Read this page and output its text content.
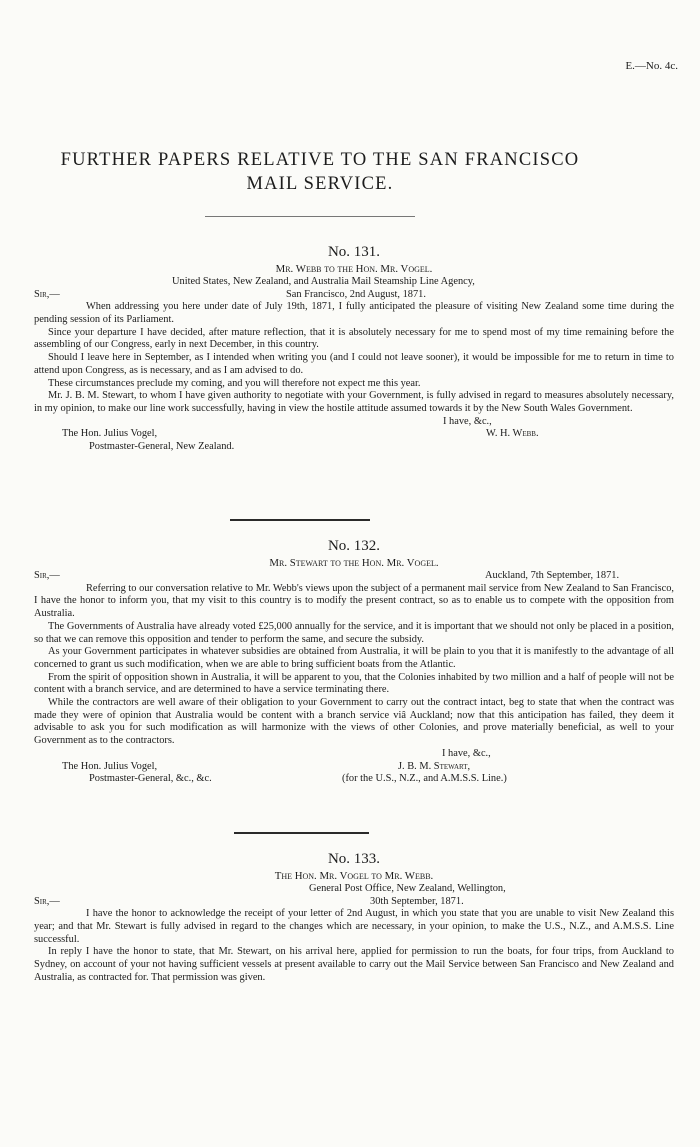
E.—No. 4c.
FURTHER PAPERS RELATIVE TO THE SAN FRANCISCO
MAIL SERVICE.
No. 131.
Mr. Webb to the Hon. Mr. Vogel.
United States, New Zealand, and Australia Mail Steamship Line Agency,
Sir,—	San Francisco, 2nd August, 1871.

When addressing you here under date of July 19th, 1871, I fully anticipated the pleasure of visiting New Zealand some time during the pending session of its Parliament.

Since your departure I have decided, after mature reflection, that it is absolutely necessary for me to spend most of my time remaining before the assembling of our Congress, early in next December, in this country.

Should I leave here in September, as I intended when writing you (and I could not leave sooner), it would be impossible for me to return in time to attend upon Congress, as is necessary, and as I am advised to do.

These circumstances preclude my coming, and you will therefore not expect me this year.

Mr. J. B. M. Stewart, to whom I have given authority to negotiate with your Government, is fully advised in regard to measures absolutely necessary, in my opinion, to make our line work successfully, having in view the hostile attitude assumed towards it by the New South Wales Government.

I have, &c.,
The Hon. Julius Vogel,	W. H. Webb.
Postmaster-General, New Zealand.
No. 132.
Mr. Stewart to the Hon. Mr. Vogel.
Sir,—	Auckland, 7th September, 1871.

Referring to our conversation relative to Mr. Webb's views upon the subject of a permanent mail service from New Zealand to San Francisco, I have the honor to inform you, that my visit to this country is to modify the present contract, so as to enable us to compete with the opposition from Australia.

The Governments of Australia have already voted £25,000 annually for the service, and it is important that we should not only be placed in a position, so that we can remove this opposition and tender to perform the same, and secure the subsidy.

As your Government participates in whatever subsidies are obtained from Australia, it will be plain to you that it is manifestly to the advantage of all concerned to grant us such modification, when we are able to bring sufficient boats from the Atlantic.

From the spirit of opposition shown in Australia, it will be apparent to you, that the Colonies inhabited by two million and a half of people will not be content with a branch service, and are determined to have a service terminating there.

While the contractors are well aware of their obligation to your Government to carry out the contract intact, beg to state that when the contract was made they were of opinion that Australia would be content with a branch service viâ Auckland; now that this anticipation has failed, they deem it advisable to ask you for such modification as will harmonize with the views of other Colonies, and prove materially beneficial, as well to your Government as to the contractors.

I have, &c.,
The Hon. Julius Vogel,	J. B. M. Stewart,
Postmaster-General, &c., &c.	(for the U.S., N.Z., and A.M.S.S. Line.)
No. 133.
The Hon. Mr. Vogel to Mr. Webb.
General Post Office, New Zealand, Wellington,
Sir,—	30th September, 1871.

I have the honor to acknowledge the receipt of your letter of 2nd August, in which you state that you are unable to visit New Zealand this year; and that Mr. Stewart is fully advised in regard to the changes which are necessary, in your opinion, to make the U.S., N.Z., and A.M.S.S. Line successful.

In reply I have the honor to state, that Mr. Stewart, on his arrival here, applied for permission to run the boats, for four trips, from Auckland to Sydney, on account of your not having sufficient vessels at present available to carry out the Mail Service between San Francisco and New Zealand and Australia, as contracted for. That permission was given.
